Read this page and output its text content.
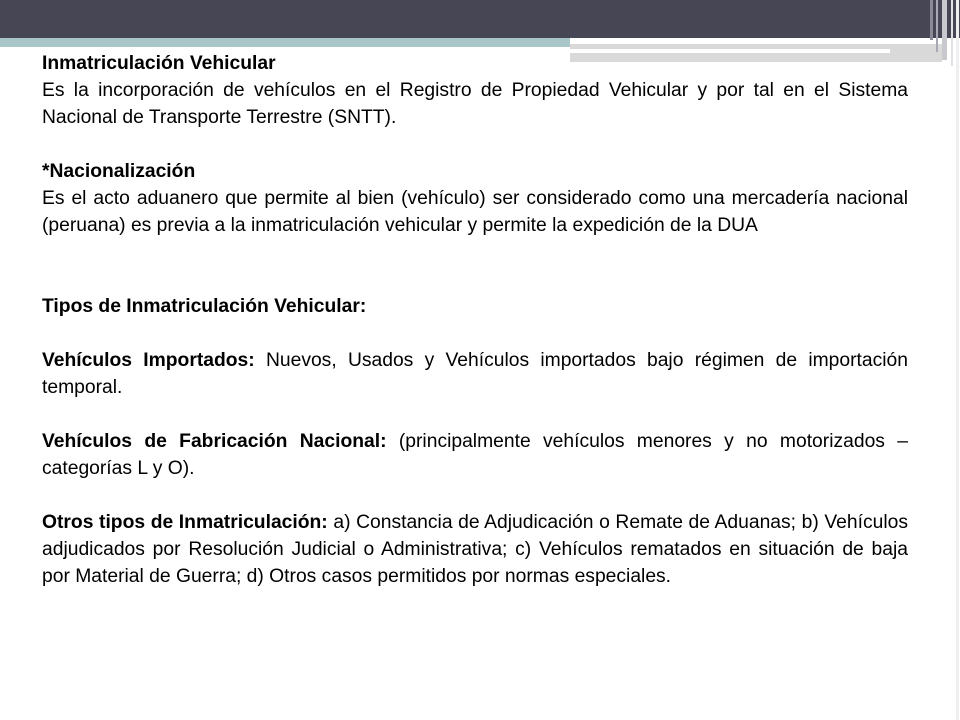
Inmatriculación Vehicular

Es la incorporación de vehículos en el Registro de Propiedad Vehicular y por tal en el Sistema Nacional de Transporte Terrestre (SNTT).

*Nacionalización

Es el acto aduanero que permite al bien (vehículo) ser considerado como una mercadería nacional (peruana) es previa a la inmatriculación vehicular y permite la expedición de la DUA

Tipos de Inmatriculación Vehicular:

Vehículos Importados: Nuevos, Usados y Vehículos importados bajo régimen de importación temporal.

Vehículos de Fabricación Nacional: (principalmente vehículos menores y no motorizados – categorías L y O).

Otros tipos de Inmatriculación: a) Constancia de Adjudicación o Remate de Aduanas; b) Vehículos adjudicados por Resolución Judicial o Administrativa; c) Vehículos rematados en situación de baja por Material de Guerra; d) Otros casos permitidos por normas especiales.
